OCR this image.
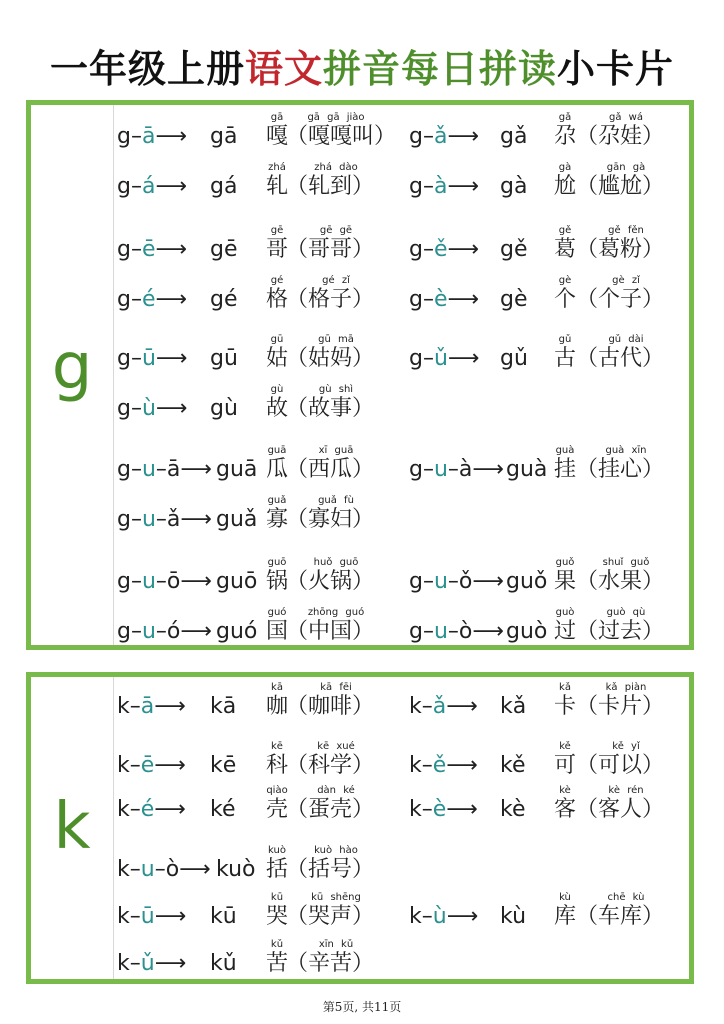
一年级上册语文拼音每日拼读小卡片
g
g–ā⟶ gā
gā
嘎
gā gā jiào
（嘎嘎叫） g–ǎ⟶ gǎ
gǎ
尕
gǎ wá
（尕娃）
g–á⟶ gá
zhá
轧
zhá dào
（轧到） g–à⟶ gà
gà
尬
gān gà
（尴尬）
g–ē⟶ gē
gē
哥
gē gē
（哥哥） g–ě⟶ gě
gě
葛
gě fěn
（葛粉）
g–é⟶ gé
gé
格
gé zǐ
（格子） g–è⟶ gè
gè
个
gè zǐ
（个子）
g–ū⟶ gū
gū
姑
gū mā
（姑妈） g–ǔ⟶ gǔ
gǔ
古
gǔ dài
（古代）
g–ù⟶ gù
gù
故
gù shì
（故事）
g–u–ā⟶ guā
guā
瓜
xī guā
（西瓜） g–u–à⟶ guà
guà
挂
guà xīn
（挂心）
g–u–ǎ⟶ guǎ
guǎ
寡
guǎ fù
（寡妇）
g–u–ō⟶ guō
guō
锅
huǒ guō
（火锅） g–u–ǒ⟶ guǒ
guǒ
果
shuǐ guǒ
（水果）
g–u–ó⟶ guó
guó
国
zhōng guó
（中国） g–u–ò⟶ guò
guò
过
guò qù
（过去）
k
k–ā⟶ kā
kā
咖
kā fēi
（咖啡） k–ǎ⟶ kǎ
kǎ
卡
kǎ piàn
（卡片）
k–ē⟶ kē
kē
科
kē xué
（科学） k–ě⟶ kě
kě
可
kě yǐ
（可以）
k–é⟶ ké
qiào
壳
dàn ké
（蛋壳） k–è⟶ kè
kè
客
kè rén
（客人）
k–u–ò⟶ kuò
kuò
括
kuò hào
（括号）
k–ū⟶ kū
kū
哭
kū shēng
（哭声） k–ù⟶ kù
kù
库
chē kù
（车库）
k–ǔ⟶ kǔ
kǔ
苦
xīn kǔ
（辛苦）
第5页, 共11页
